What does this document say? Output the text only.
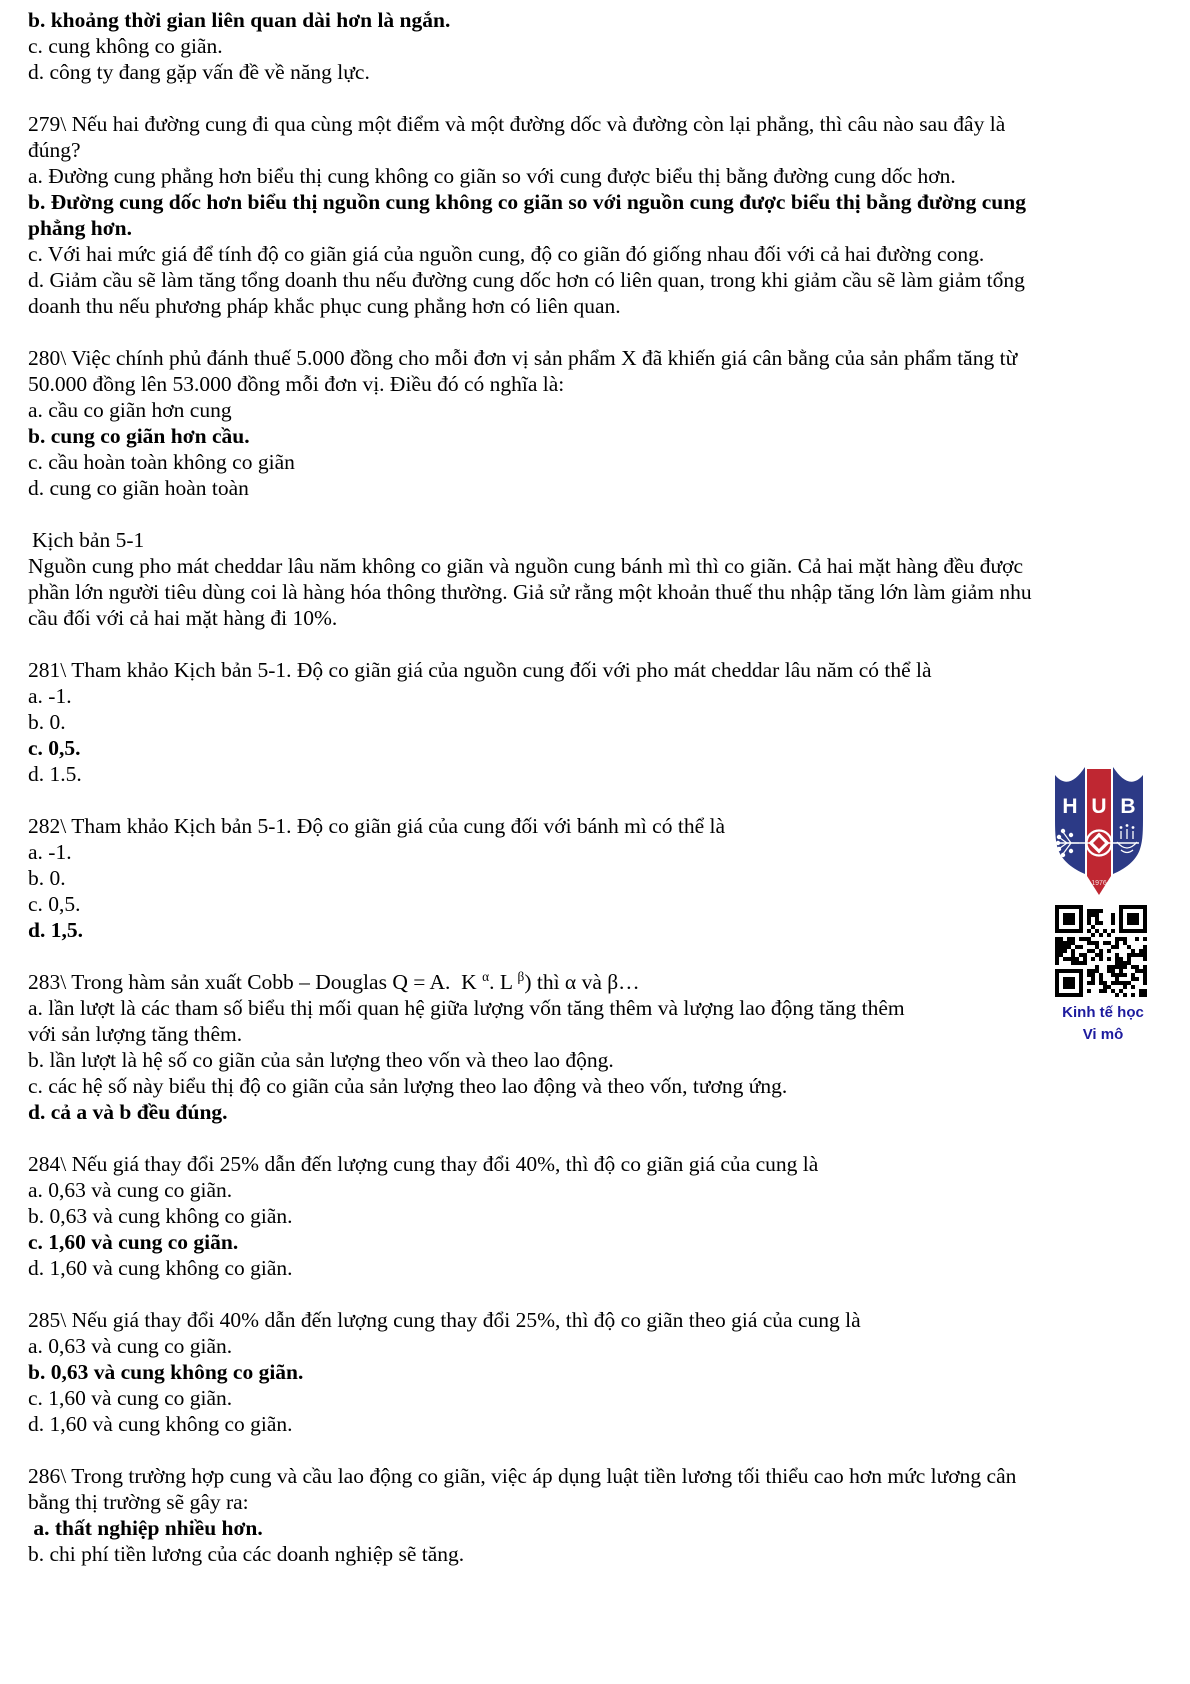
b. khoảng thời gian liên quan dài hơn là ngắn.
c. cung không co giãn.
d. công ty đang gặp vấn đề về năng lực.
279\ Nếu hai đường cung đi qua cùng một điểm và một đường dốc và đường còn lại phẳng, thì câu nào sau đây là
đúng?
a. Đường cung phẳng hơn biểu thị cung không co giãn so với cung được biểu thị bằng đường cung dốc hơn.
b. Đường cung dốc hơn biểu thị nguồn cung không co giãn so với nguồn cung được biểu thị bằng đường cung
phẳng hơn.
c. Với hai mức giá để tính độ co giãn giá của nguồn cung, độ co giãn đó giống nhau đối với cả hai đường cong.
d. Giảm cầu sẽ làm tăng tổng doanh thu nếu đường cung dốc hơn có liên quan, trong khi giảm cầu sẽ làm giảm tổng
doanh thu nếu phương pháp khắc phục cung phẳng hơn có liên quan.
280\ Việc chính phủ đánh thuế 5.000 đồng cho mỗi đơn vị sản phẩm X đã khiến giá cân bằng của sản phẩm tăng từ
50.000 đồng lên 53.000 đồng mỗi đơn vị. Điều đó có nghĩa là:
a. cầu co giãn hơn cung
b. cung co giãn hơn cầu.
c. cầu hoàn toàn không co giãn
d. cung co giãn hoàn toàn
Kịch bản 5-1
Nguồn cung pho mát cheddar lâu năm không co giãn và nguồn cung bánh mì thì co giãn. Cả hai mặt hàng đều được
phần lớn người tiêu dùng coi là hàng hóa thông thường. Giả sử rằng một khoản thuế thu nhập tăng lớn làm giảm nhu
cầu đối với cả hai mặt hàng đi 10%.
281\ Tham khảo Kịch bản 5-1. Độ co giãn giá của nguồn cung đối với pho mát cheddar lâu năm có thể là
a. -1.
b. 0.
c. 0,5.
d. 1.5.
282\ Tham khảo Kịch bản 5-1. Độ co giãn giá của cung đối với bánh mì có thể là
a. -1.
b. 0.
c. 0,5.
d. 1,5.
283\ Trong hàm sản xuất Cobb – Douglas Q = A.  K $^\alpha$. L $^\beta$) thì α và β…
a. lần lượt là các tham số biểu thị mối quan hệ giữa lượng vốn tăng thêm và lượng lao động tăng thêm
với sản lượng tăng thêm.
b. lần lượt là hệ số co giãn của sản lượng theo vốn và theo lao động.
c. các hệ số này biểu thị độ co giãn của sản lượng theo lao động và theo vốn, tương ứng.
d. cả a và b đều đúng.
284\ Nếu giá thay đổi 25% dẫn đến lượng cung thay đổi 40%, thì độ co giãn giá của cung là
a. 0,63 và cung co giãn.
b. 0,63 và cung không co giãn.
c. 1,60 và cung co giãn.
d. 1,60 và cung không co giãn.
285\ Nếu giá thay đổi 40% dẫn đến lượng cung thay đổi 25%, thì độ co giãn theo giá của cung là
a. 0,63 và cung co giãn.
b. 0,63 và cung không co giãn.
c. 1,60 và cung co giãn.
d. 1,60 và cung không co giãn.
286\ Trong trường hợp cung và cầu lao động co giãn, việc áp dụng luật tiền lương tối thiểu cao hơn mức lương cân
bằng thị trường sẽ gây ra:
a. thất nghiệp nhiều hơn.
b. chi phí tiền lương của các doanh nghiệp sẽ tăng.
H U B
1976
Kinh tế học
Vi mô
